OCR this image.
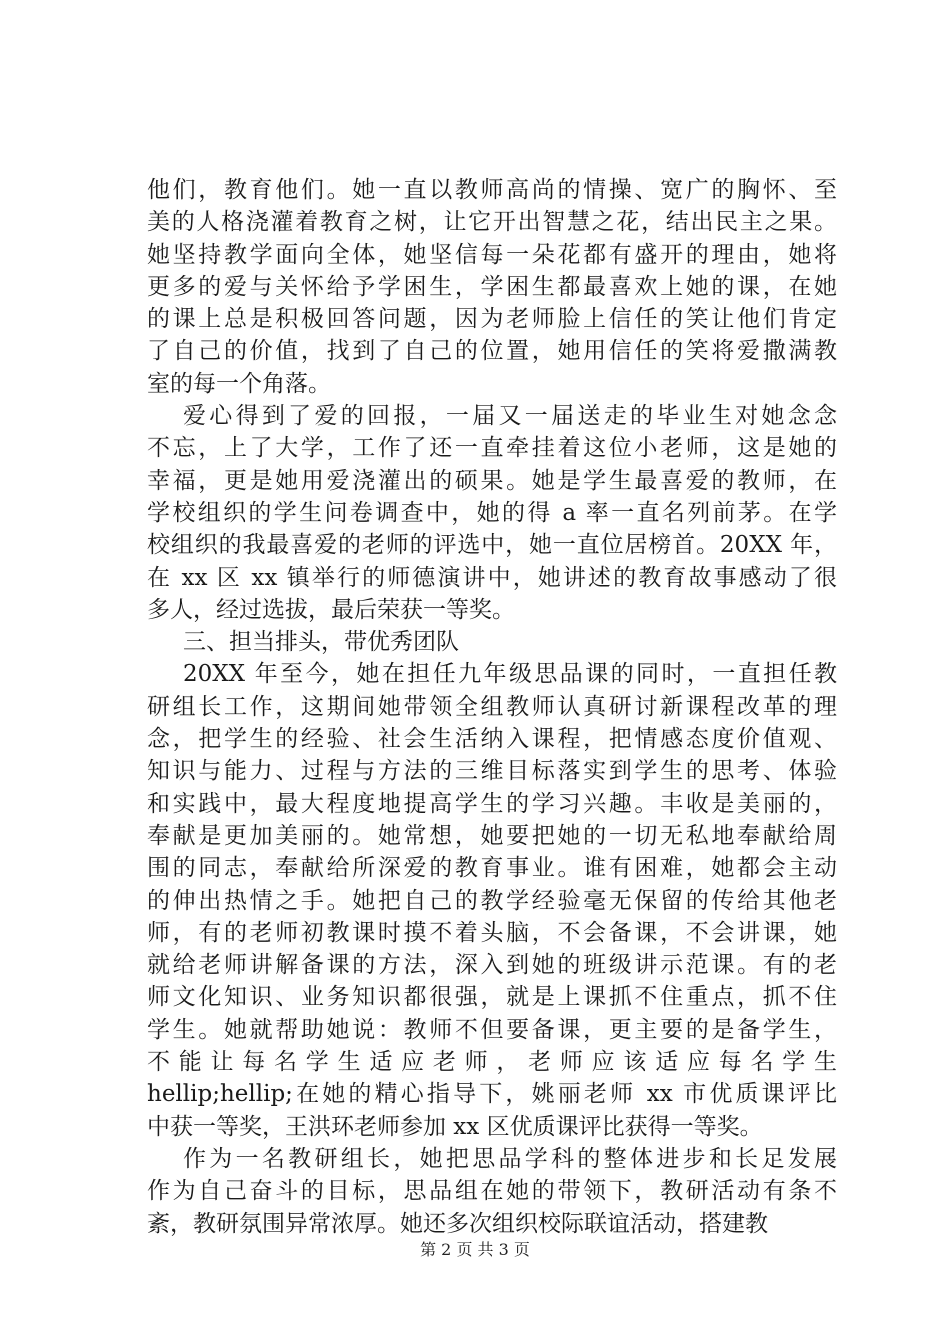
他们，教育他们。她一直以教师高尚的情操、宽广的胸怀、至
美的人格浇灌着教育之树，让它开出智慧之花，结出民主之果。
她坚持教学面向全体，她坚信每一朵花都有盛开的理由，她将
更多的爱与关怀给予学困生，学困生都最喜欢上她的课，在她
的课上总是积极回答问题，因为老师脸上信任的笑让他们肯定
了自己的价值，找到了自己的位置，她用信任的笑将爱撒满教
室的每一个角落。
爱心得到了爱的回报，一届又一届送走的毕业生对她念念
不忘，上了大学，工作了还一直牵挂着这位小老师，这是她的
幸福，更是她用爱浇灌出的硕果。她是学生最喜爱的教师，在
学校组织的学生问卷调查中，她的得 a 率一直名列前茅。在学
校组织的我最喜爱的老师的评选中，她一直位居榜首。20XX 年，
在 xx 区 xx 镇举行的师德演讲中，她讲述的教育故事感动了很
多人，经过选拔，最后荣获一等奖。
三、担当排头，带优秀团队
20XX 年至今，她在担任九年级思品课的同时，一直担任教
研组长工作，这期间她带领全组教师认真研讨新课程改革的理
念，把学生的经验、社会生活纳入课程，把情感态度价值观、
知识与能力、过程与方法的三维目标落实到学生的思考、体验
和实践中，最大程度地提高学生的学习兴趣。丰收是美丽的，
奉献是更加美丽的。她常想，她要把她的一切无私地奉献给周
围的同志，奉献给所深爱的教育事业。谁有困难，她都会主动
的伸出热情之手。她把自己的教学经验毫无保留的传给其他老
师，有的老师初教课时摸不着头脑，不会备课，不会讲课，她
就给老师讲解备课的方法，深入到她的班级讲示范课。有的老
师文化知识、业务知识都很强，就是上课抓不住重点，抓不住
学生。她就帮助她说：教师不但要备课，更主要的是备学生，
不能让每名学生适应老师，老师应该适应每名学生
hellip;hellip;在她的精心指导下，姚丽老师 xx 市优质课评比
中获一等奖，王洪环老师参加 xx 区优质课评比获得一等奖。
作为一名教研组长，她把思品学科的整体进步和长足发展
作为自己奋斗的目标，思品组在她的带领下，教研活动有条不
紊，教研氛围异常浓厚。她还多次组织校际联谊活动，搭建教
第 2 页 共 3 页
